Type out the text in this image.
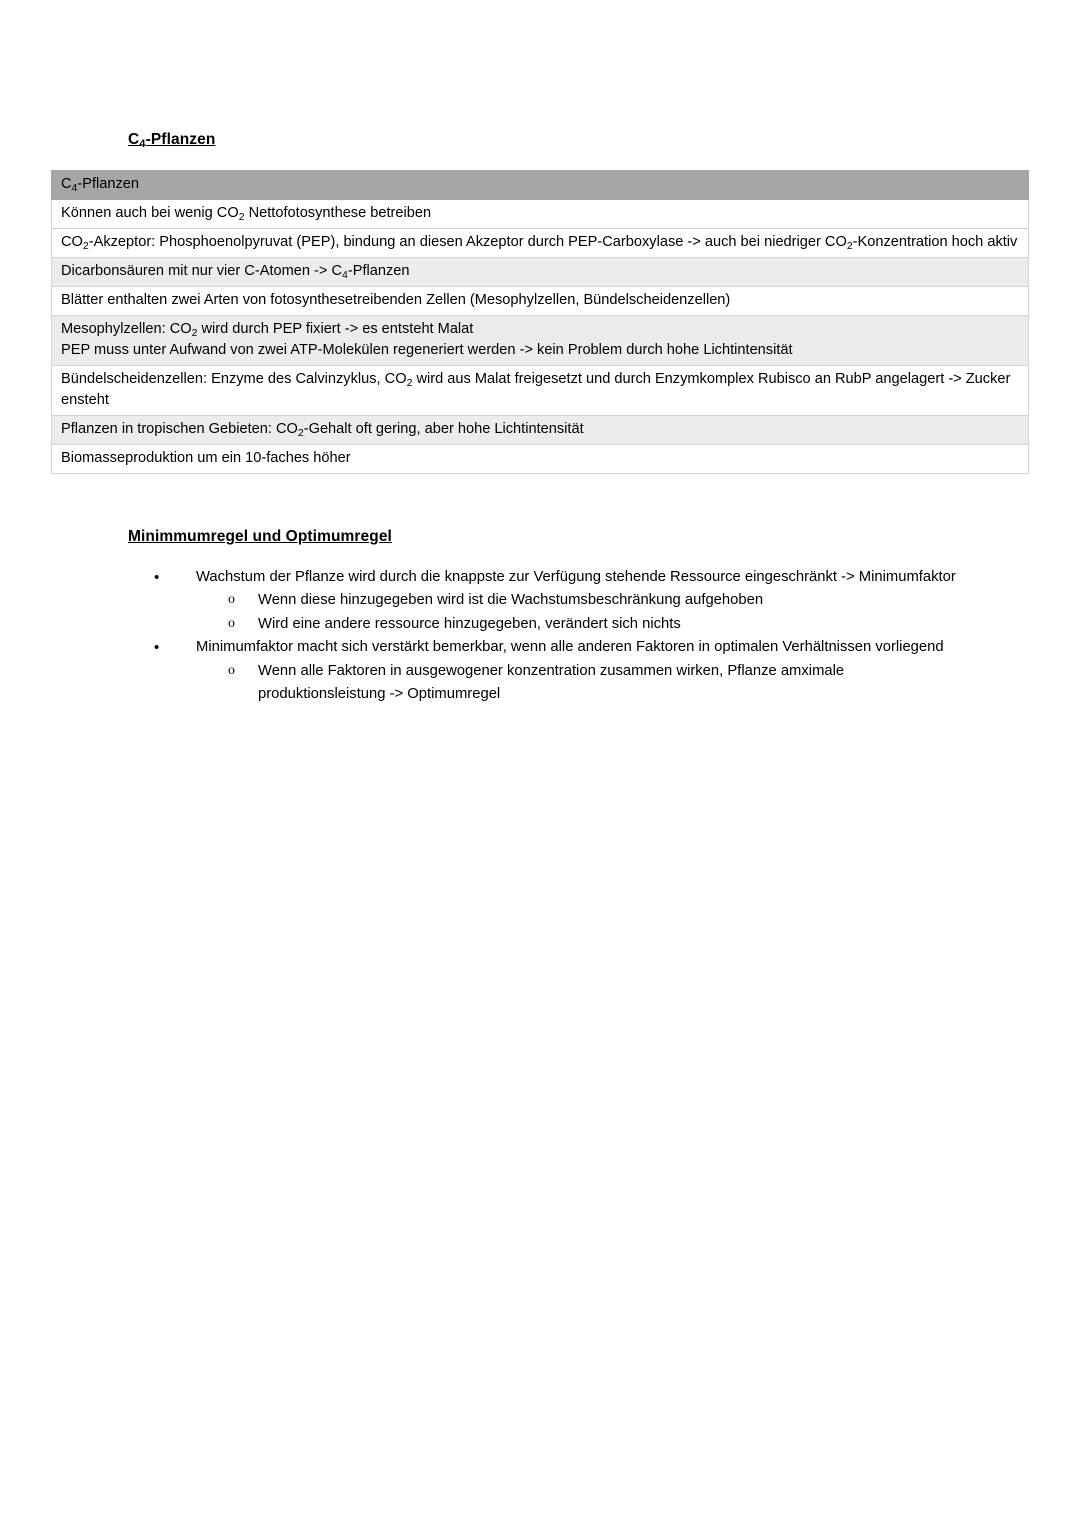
$C_4$-Pflanzen
$C_4$-Pflanzen
Können auch bei wenig $CO_2$ Nettofotosynthese betreiben
$CO_2$-Akzeptor: Phosphoenolpyruvat (PEP), bindung an diesen Akzeptor durch PEP-Carboxylase -> auch bei niedriger $CO_2$-Konzentration hoch aktiv
Dicarbonsäuren mit nur vier C-Atomen -> $C_4$-Pflanzen
Blätter enthalten zwei Arten von fotosynthesetreibenden Zellen (Mesophylzellen, Bündelscheidenzellen)
Mesophylzellen: $CO_2$ wird durch PEP fixiert -> es entsteht Malat
PEP muss unter Aufwand von zwei ATP-Molekülen regeneriert werden -> kein Problem durch hohe Lichtintensität
Bündelscheidenzellen: Enzyme des Calvinzyklus, $CO_2$ wird aus Malat freigesetzt und durch Enzymkomplex Rubisco an RubP angelagert -> Zucker ensteht
Pflanzen in tropischen Gebieten: $CO_2$-Gehalt oft gering, aber hohe Lichtintensität
Biomasseproduktion um ein 10-faches höher
Minimmumregel und Optimumregel
• Wachstum der Pflanze wird durch die knappste zur Verfügung stehende Ressource eingeschränkt -> Minimumfaktor
o Wenn diese hinzugegeben wird ist die Wachstumsbeschränkung aufgehoben
o Wird eine andere ressource hinzugegeben, verändert sich nichts
• Minimumfaktor macht sich verstärkt bemerkbar, wenn alle anderen Faktoren in optimalen Verhältnissen vorliegend
o Wenn alle Faktoren in ausgewogener konzentration zusammen wirken, Pflanze amximale produktionsleistung -> Optimumregel
